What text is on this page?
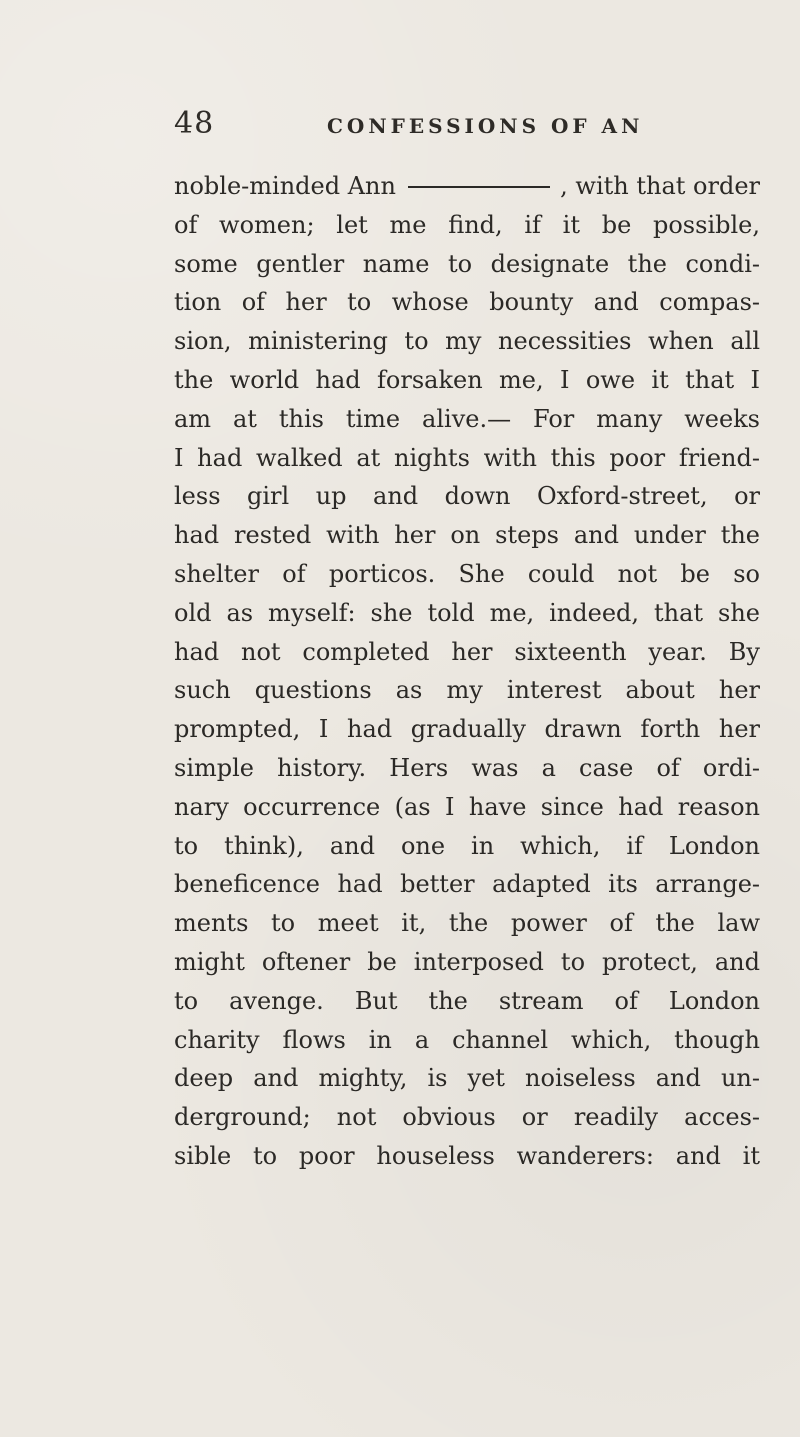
48	CONFESSIONS OF AN
noble-minded Ann	, with that order
of women; let me find, if it be possible,
some gentler name to designate the condi-
tion of her to whose bounty and compas-
sion, ministering to my necessities when all
the world had forsaken me, I owe it that I
am at this time alive.— For many weeks
I had walked at nights with this poor friend-
less girl up and down Oxford-street, or
had rested with her on steps and under the
shelter of porticos. She could not be so
old as myself: she told me, indeed, that she
had not completed her sixteenth year. By
such questions as my interest about her
prompted, I had gradually drawn forth her
simple history. Hers was a case of ordi-
nary occurrence (as I have since had reason
to think), and one in which, if London
beneficence had better adapted its arrange-
ments to meet it, the power of the law
might oftener be interposed to protect, and
to avenge. But the stream of London
charity flows in a channel which, though
deep and mighty, is yet noiseless and un-
derground; not obvious or readily acces-
sible to poor houseless wanderers: and it
